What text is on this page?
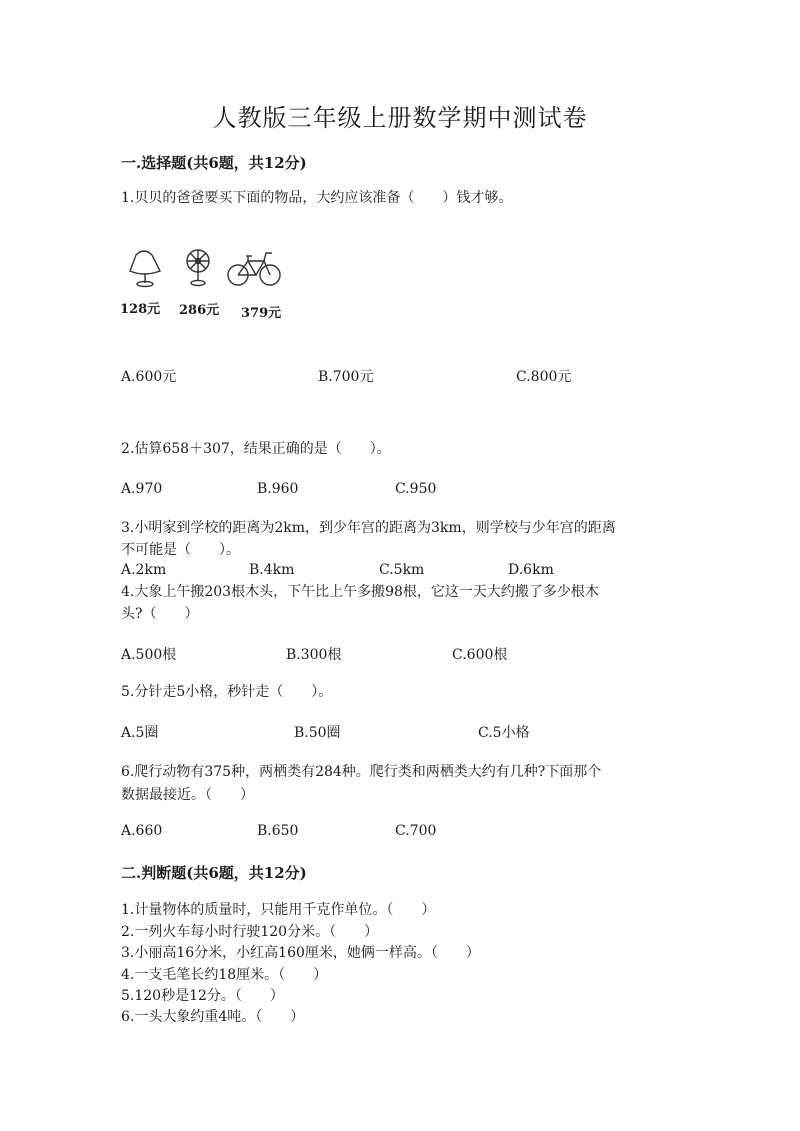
人教版三年级上册数学期中测试卷
一.选择题(共6题，共12分)
1.贝贝的爸爸要买下面的物品，大约应该准备（　　）钱才够。
128元 286元 379元
A.600元	B.700元	C.800元
2.估算658＋307，结果正确的是（　　）。
A.970	B.960	C.950
3.小明家到学校的距离为2km，到少年宫的距离为3km，则学校与少年宫的距离
不可能是（　　）。
A.2km	B.4km	C.5km	D.6km
4.大象上午搬203根木头，下午比上午多搬98根，它这一天大约搬了多少根木
头?（　　）
A.500根	B.300根	C.600根
5.分针走5小格，秒针走（　　）。
A.5圈	B.50圈	C.5小格
6.爬行动物有375种，两栖类有284种。爬行类和两栖类大约有几种?下面那个
数据最接近。（　　）
A.660	B.650	C.700
二.判断题(共6题，共12分)
1.计量物体的质量时，只能用千克作单位。（　　）
2.一列火车每小时行驶120分米。（　　）
3.小丽高16分米，小红高160厘米，她俩一样高。（　　）
4.一支毛笔长约18厘米。（　　）
5.120秒是12分。（　　）
6.一头大象约重4吨。（　　）
